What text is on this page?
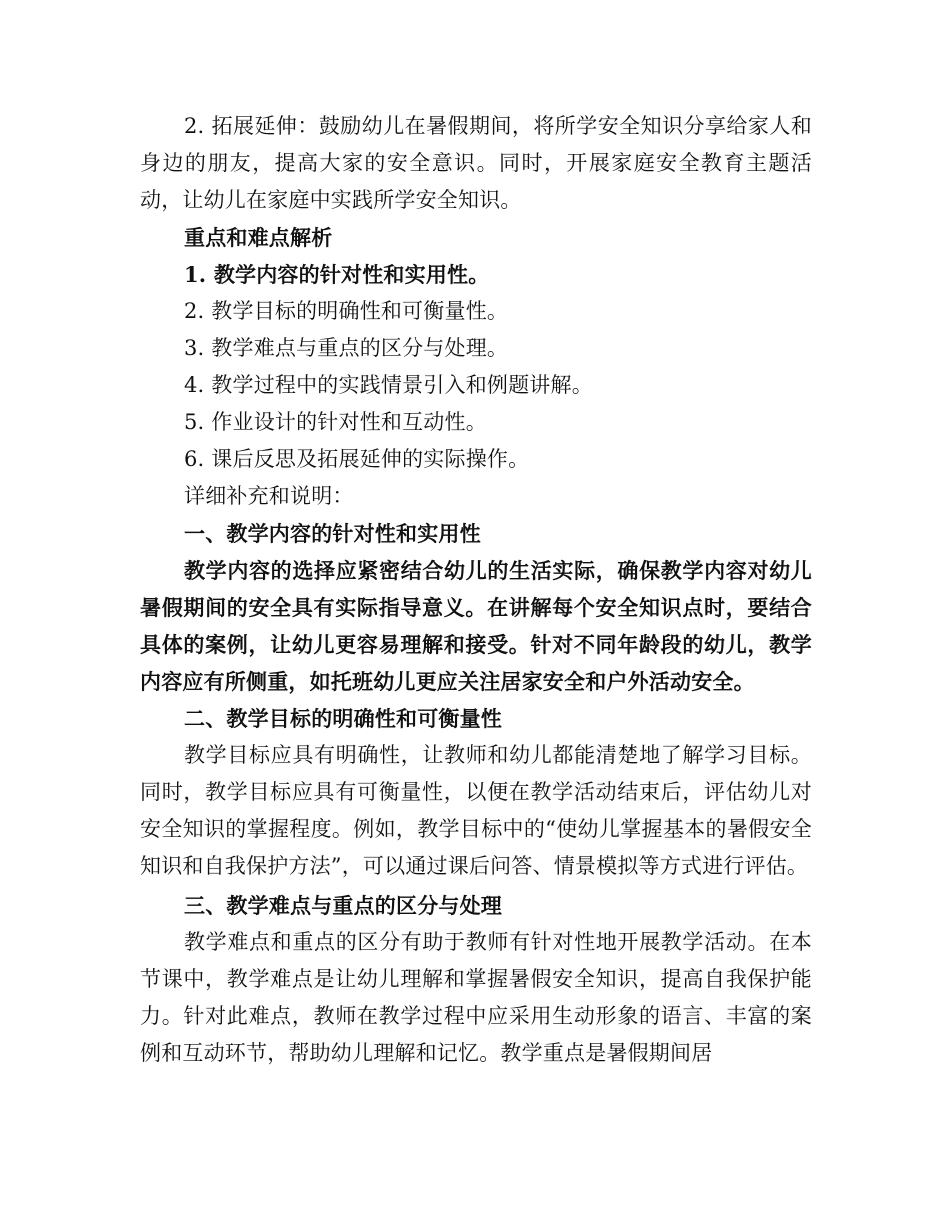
2. 拓展延伸：鼓励幼儿在暑假期间，将所学安全知识分享给家人和身边的朋友，提高大家的安全意识。同时，开展家庭安全教育主题活动，让幼儿在家庭中实践所学安全知识。

重点和难点解析

1. 教学内容的针对性和实用性。

2. 教学目标的明确性和可衡量性。

3. 教学难点与重点的区分与处理。

4. 教学过程中的实践情景引入和例题讲解。

5. 作业设计的针对性和互动性。

6. 课后反思及拓展延伸的实际操作。

详细补充和说明：

一、教学内容的针对性和实用性

教学内容的选择应紧密结合幼儿的生活实际，确保教学内容对幼儿暑假期间的安全具有实际指导意义。在讲解每个安全知识点时，要结合具体的案例，让幼儿更容易理解和接受。针对不同年龄段的幼儿，教学内容应有所侧重，如托班幼儿更应关注居家安全和户外活动安全。

二、教学目标的明确性和可衡量性

教学目标应具有明确性，让教师和幼儿都能清楚地了解学习目标。同时，教学目标应具有可衡量性，以便在教学活动结束后，评估幼儿对安全知识的掌握程度。例如，教学目标中的“使幼儿掌握基本的暑假安全知识和自我保护方法”，可以通过课后问答、情景模拟等方式进行评估。

三、教学难点与重点的区分与处理

教学难点和重点的区分有助于教师有针对性地开展教学活动。在本节课中，教学难点是让幼儿理解和掌握暑假安全知识，提高自我保护能力。针对此难点，教师在教学过程中应采用生动形象的语言、丰富的案例和互动环节，帮助幼儿理解和记忆。教学重点是暑假期间居
